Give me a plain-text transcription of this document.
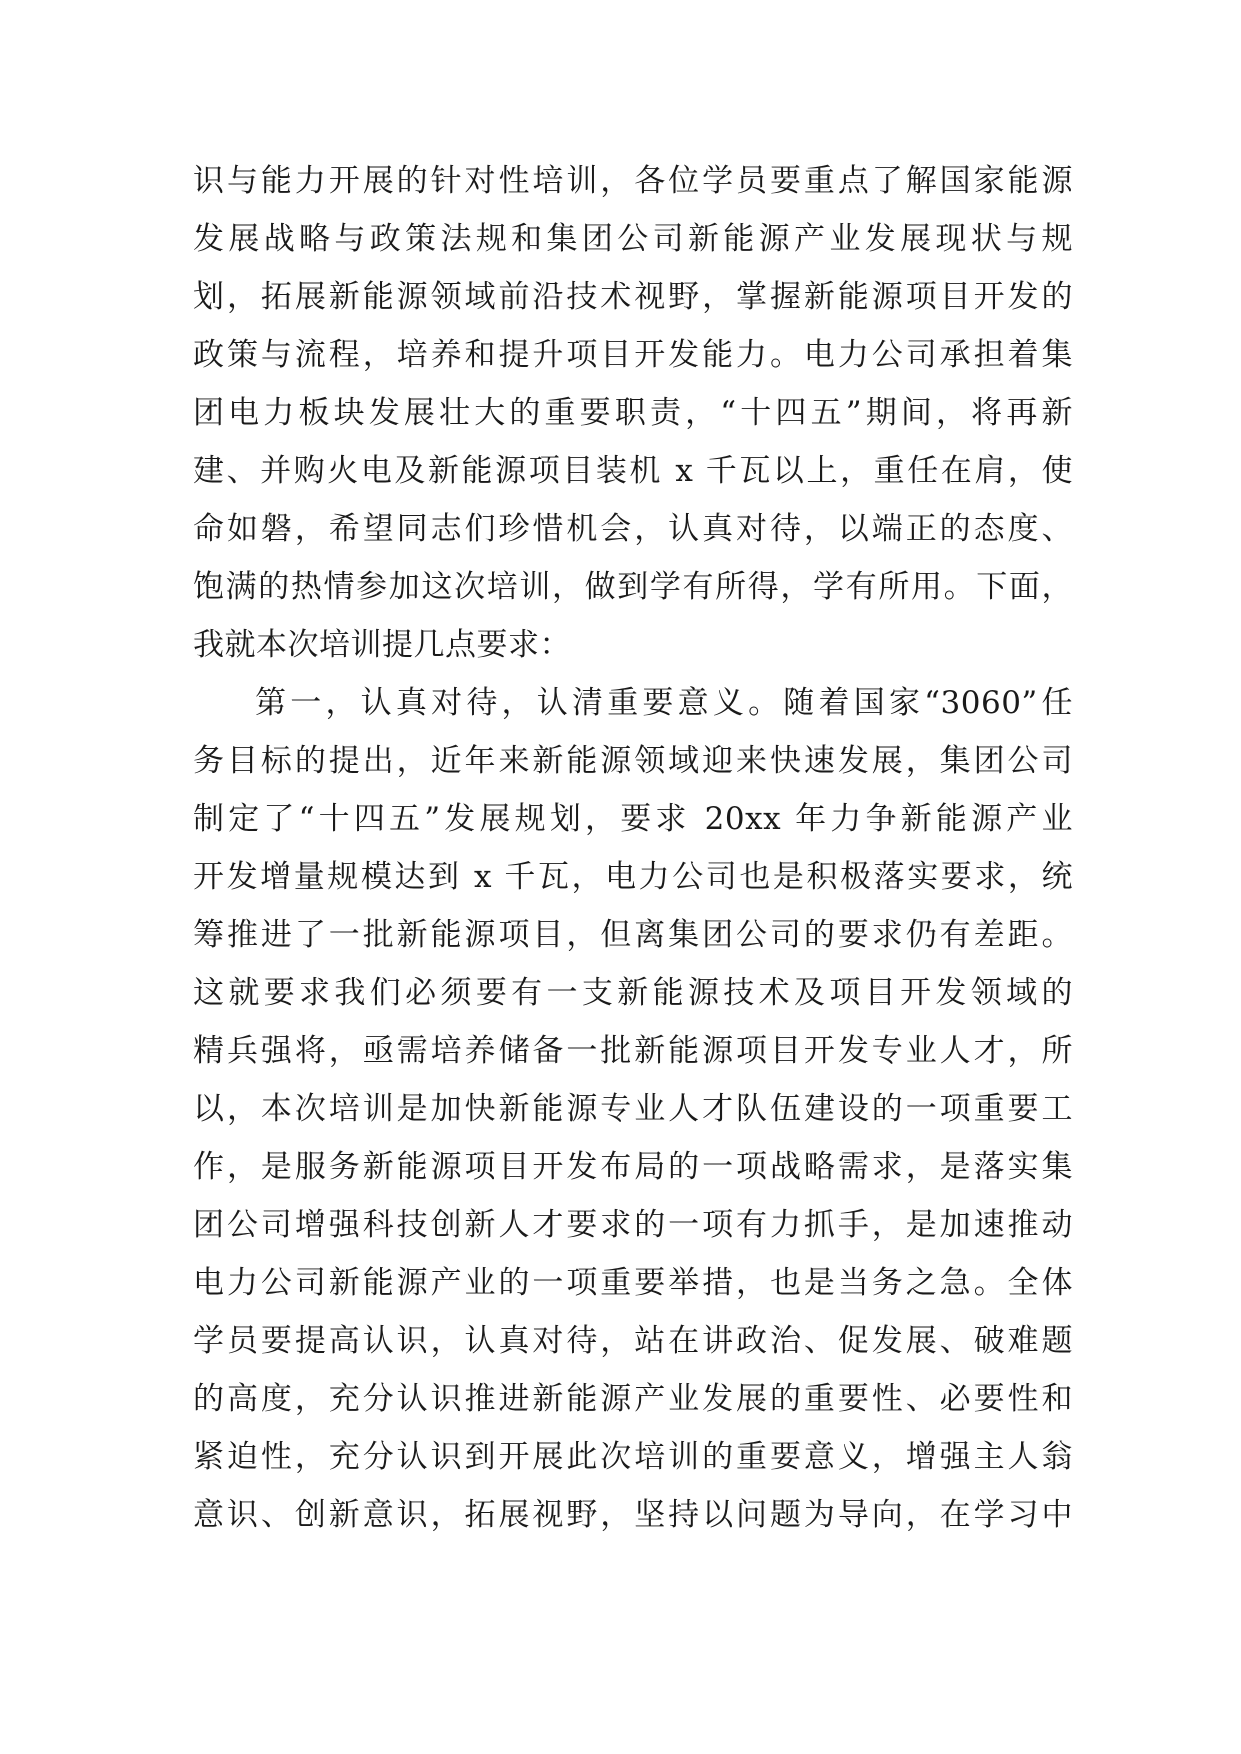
识与能力开展的针对性培训，各位学员要重点了解国家能源
发展战略与政策法规和集团公司新能源产业发展现状与规
划，拓展新能源领域前沿技术视野，掌握新能源项目开发的
政策与流程，培养和提升项目开发能力。电力公司承担着集
团电力板块发展壮大的重要职责，“十四五”期间，将再新
建、并购火电及新能源项目装机 x 千瓦以上，重任在肩，使
命如磐，希望同志们珍惜机会，认真对待，以端正的态度、
饱满的热情参加这次培训，做到学有所得，学有所用。下面，
我就本次培训提几点要求：
第一，认真对待，认清重要意义。随着国家“3060”任
务目标的提出，近年来新能源领域迎来快速发展，集团公司
制定了“十四五”发展规划，要求 20xx 年力争新能源产业
开发增量规模达到 x 千瓦，电力公司也是积极落实要求，统
筹推进了一批新能源项目，但离集团公司的要求仍有差距。
这就要求我们必须要有一支新能源技术及项目开发领域的
精兵强将，亟需培养储备一批新能源项目开发专业人才，所
以，本次培训是加快新能源专业人才队伍建设的一项重要工
作，是服务新能源项目开发布局的一项战略需求，是落实集
团公司增强科技创新人才要求的一项有力抓手，是加速推动
电力公司新能源产业的一项重要举措，也是当务之急。全体
学员要提高认识，认真对待，站在讲政治、促发展、破难题
的高度，充分认识推进新能源产业发展的重要性、必要性和
紧迫性，充分认识到开展此次培训的重要意义，增强主人翁
意识、创新意识，拓展视野，坚持以问题为导向，在学习中
